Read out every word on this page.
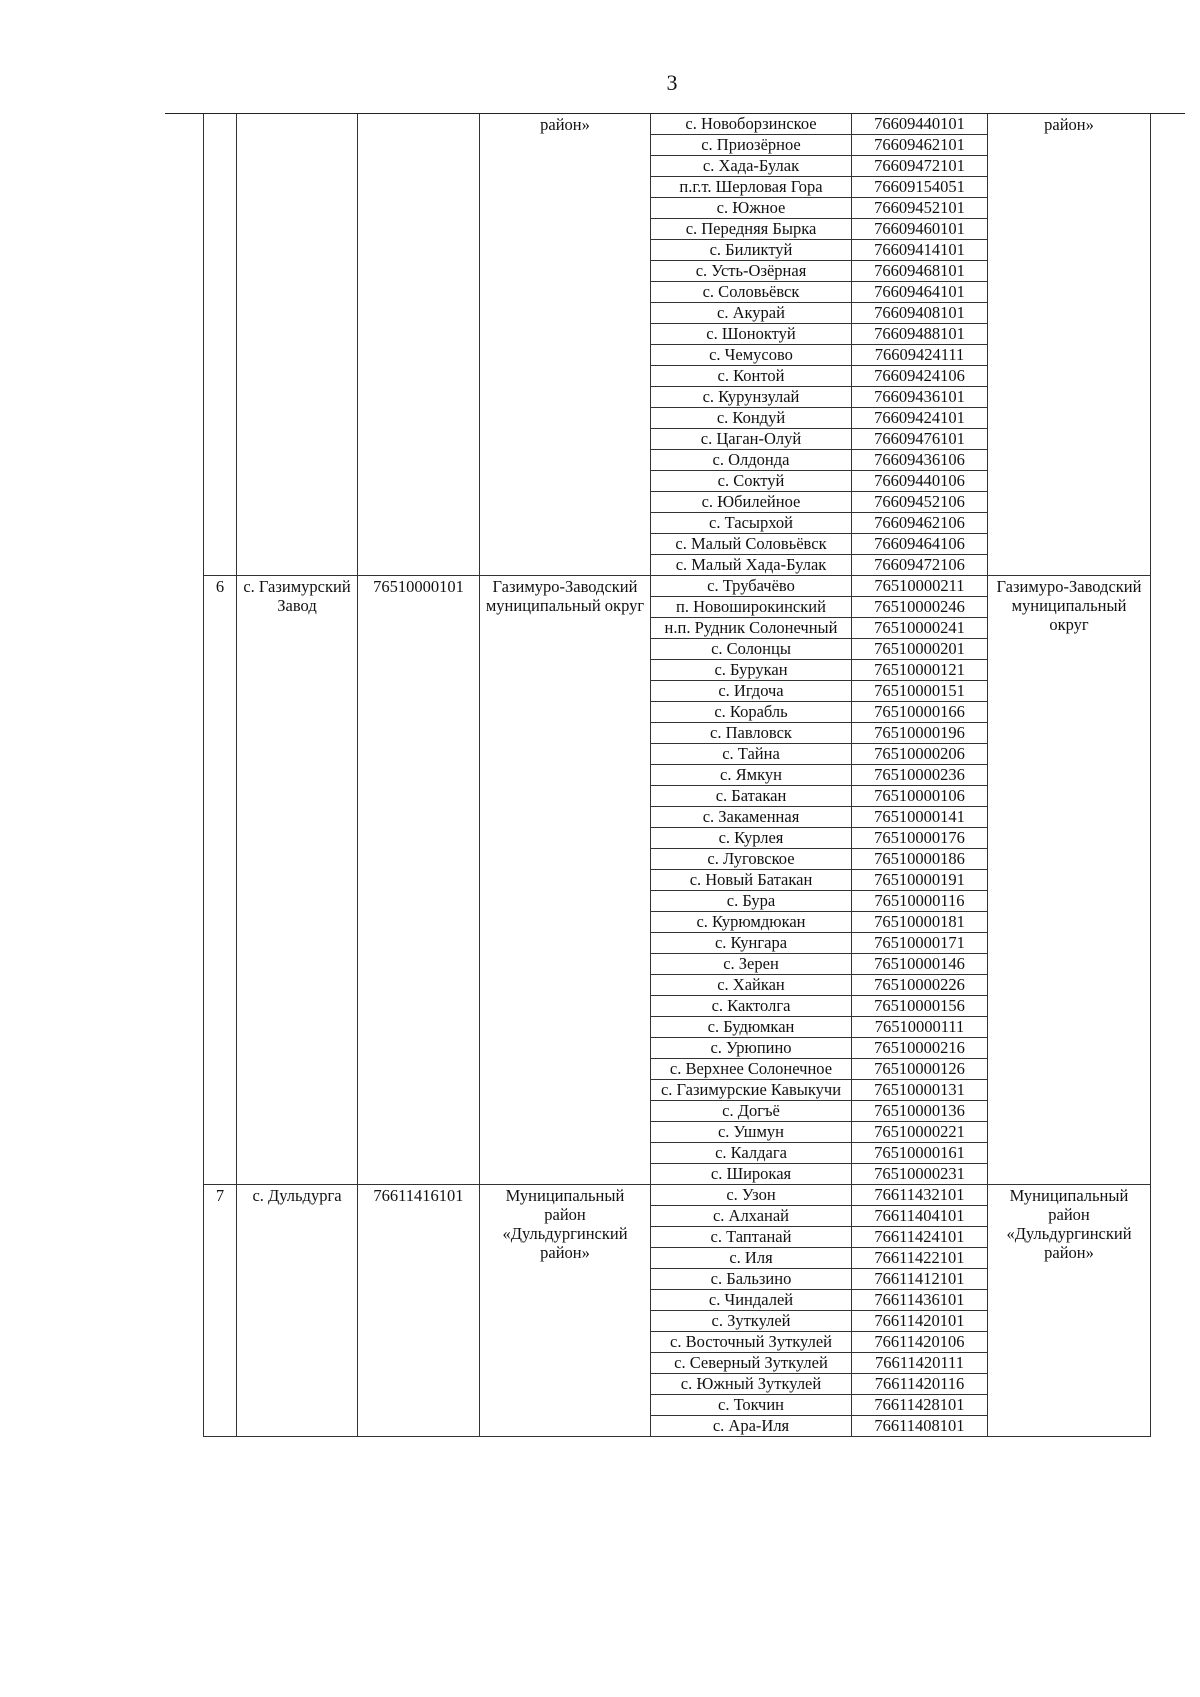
3
			район»	с. Новоборзинское	76609440101	район»
				с. Приозёрное	76609462101	
				с. Хада-Булак	76609472101	
				п.г.т. Шерловая Гора	76609154051	
				с. Южное	76609452101	
				с. Передняя Бырка	76609460101	
				с. Биликтуй	76609414101	
				с. Усть-Озёрная	76609468101	
				с. Соловьёвск	76609464101	
				с. Акурай	76609408101	
				с. Шоноктуй	76609488101	
				с. Чемусово	76609424111	
				с. Контой	76609424106	
				с. Курунзулай	76609436101	
				с. Кондуй	76609424101	
				с. Цаган-Олуй	76609476101	
				с. Олдонда	76609436106	
				с. Соктуй	76609440106	
				с. Юбилейное	76609452106	
				с. Тасырхой	76609462106	
				с. Малый Соловьёвск	76609464106	
				с. Малый Хада-Булак	76609472106	
6	с. Газимурский Завод	76510000101	Газимуро-Заводский муниципальный округ	с. Трубачёво	76510000211	Газимуро-Заводский муниципальный округ
				п. Новоширокинский	76510000246	
				н.п. Рудник Солонечный	76510000241	
				с. Солонцы	76510000201	
				с. Бурукан	76510000121	
				с. Игдоча	76510000151	
				с. Корабль	76510000166	
				с. Павловск	76510000196	
				с. Тайна	76510000206	
				с. Ямкун	76510000236	
				с. Батакан	76510000106	
				с. Закаменная	76510000141	
				с. Курлея	76510000176	
				с. Луговское	76510000186	
				с. Новый Батакан	76510000191	
				с. Бура	76510000116	
				с. Курюмдюкан	76510000181	
				с. Кунгара	76510000171	
				с. Зерен	76510000146	
				с. Хайкан	76510000226	
				с. Кактолга	76510000156	
				с. Будюмкан	76510000111	
				с. Урюпино	76510000216	
				с. Верхнее Солонечное	76510000126	
				с. Газимурские Кавыкучи	76510000131	
				с. Догъё	76510000136	
				с. Ушмун	76510000221	
				с. Калдага	76510000161	
				с. Широкая	76510000231	
7	с. Дульдурга	76611416101	Муниципальный район «Дульдургинский район»	с. Узон	76611432101	Муниципальный район «Дульдургинский район»
				с. Алханай	76611404101	
				с. Таптанай	76611424101	
				с. Иля	76611422101	
				с. Бальзино	76611412101	
				с. Чиндалей	76611436101	
				с. Зуткулей	76611420101	
				с. Восточный Зуткулей	76611420106	
				с. Северный Зуткулей	76611420111	
				с. Южный Зуткулей	76611420116	
				с. Токчин	76611428101	
				с. Ара-Иля	76611408101	
